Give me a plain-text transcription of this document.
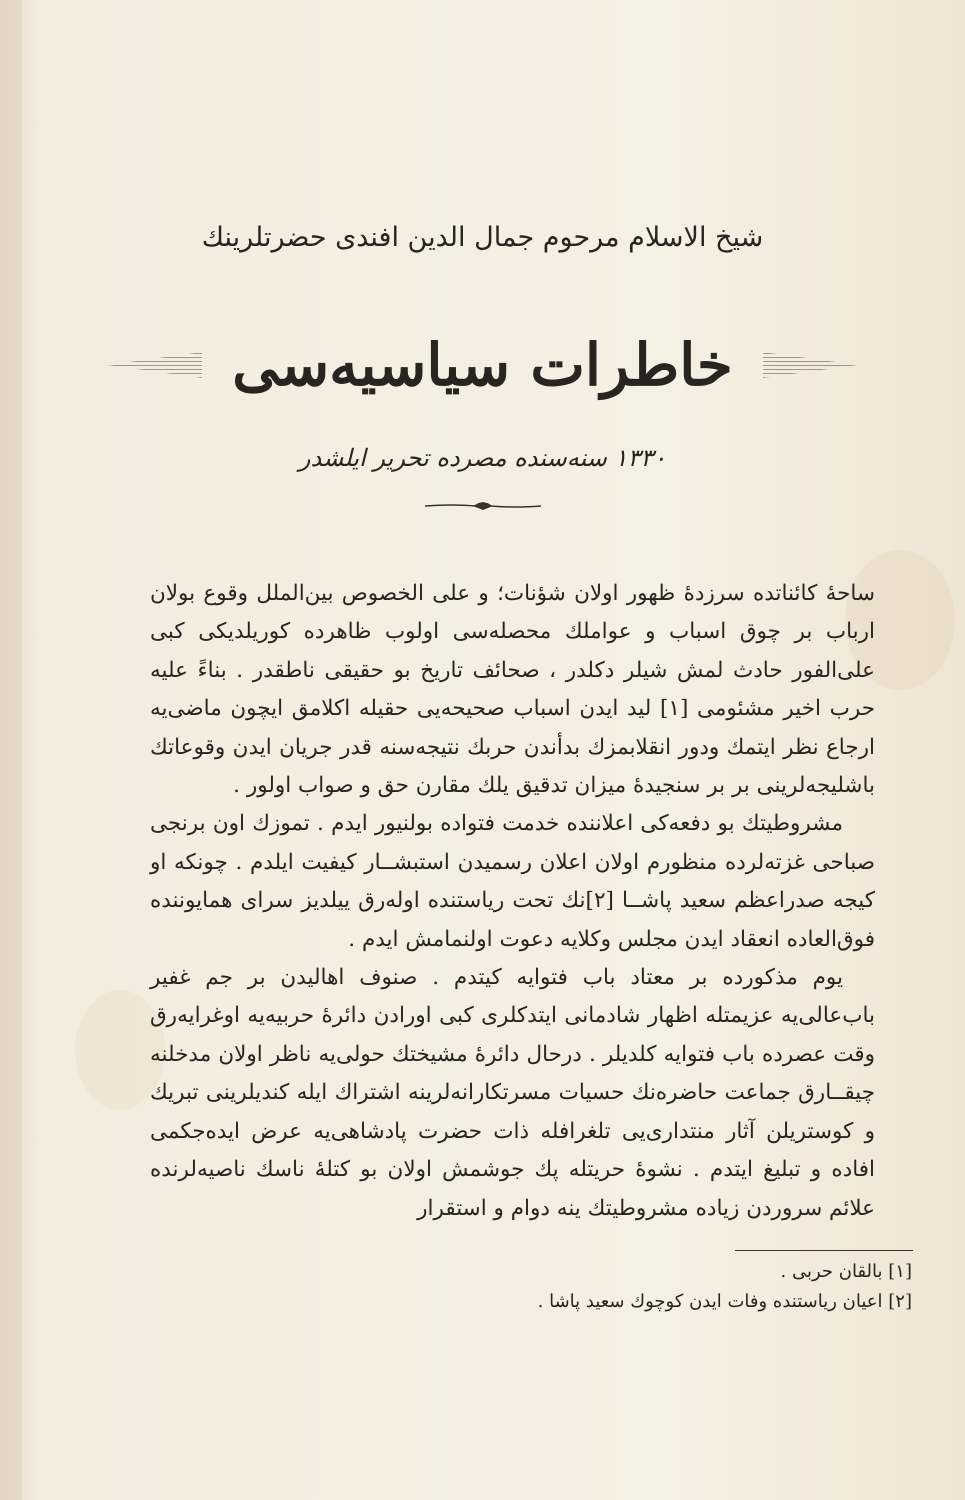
شیخ الاسلام مرحوم جمال الدین افندی حضرتلرینك
خاطرات سیاسیه‌سی
۱۳۳۰ سنه‌سنده مصرده تحریر ایلشدر

ساحهٔ کائناتده سرزدهٔ ظهور اولان شؤنات؛ و علی الخصوص بین‌الملل وقوع بولان ارباب بر چوق اسباب و عواملك محصله‌سی اولوب ظاهرده کوریلدیکی کبی علی‌الفور حادث لمش شیلر دکلدر ، صحائف تاریخ بو حقیقی ناطقدر . بناءً علیه حرب اخیر مشئومی [۱] لید ایدن اسباب صحیحه‌یی حقیله اکلامق ایچون ماضی‌یه ارجاع نظر ایتمك ودور انقلابمزك بدأندن حربك نتیجه‌سنه قدر جریان ایدن وقوعاتك باشلیجه‌لرینی بر بر سنجیدهٔ میزان تدقیق یلك مقارن حق و صواب اولور .

مشروطیتك بو دفعه‌کی اعلاننده خدمت فتواده بولنیور ایدم . تموزك اون برنجی صباحی غزته‌لرده منظورم اولان اعلان رسمیدن استبشــار کیفیت ایلدم . چونکه او کیجه صدراعظم سعید پاشــا [۲]نك تحت ریاستنده اوله‌رق ییلدیز سرای همایوننده فوق‌العاده انعقاد ایدن مجلس وکلایه دعوت اولنمامش ایدم .

یوم مذکورده بر معتاد باب فتوایه کیتدم . صنوف اهالیدن بر جم غفیر باب‌عالی‌یه عزیمتله اظهار شادمانی ایتدکلری کبی اورادن دائرهٔ حربیه‌یه اوغرایه‌رق وقت عصرده باب فتوایه کلدیلر . درحال دائرهٔ مشیختك حولی‌یه ناظر اولان مدخلنه چیقــارق جماعت حاضره‌نك حسیات مسرتکارانه‌لرینه اشتراك ایله کندیلرینی تبریك و کوستریلن آثار منتداری‌یی تلغرافله ذات حضرت پادشاهی‌یه عرض ایده‌جکمی افاده و تبلیغ ایتدم . نشوهٔ حریتله پك جوشمش اولان بو کتلهٔ ناسك ناصیه‌لرنده علائم سروردن زیاده مشروطیتك ینه دوام و استقرار

[۱] بالقان حربی .
[۲] اعیان ریاستنده وفات ایدن کوچوك سعید پاشا .
